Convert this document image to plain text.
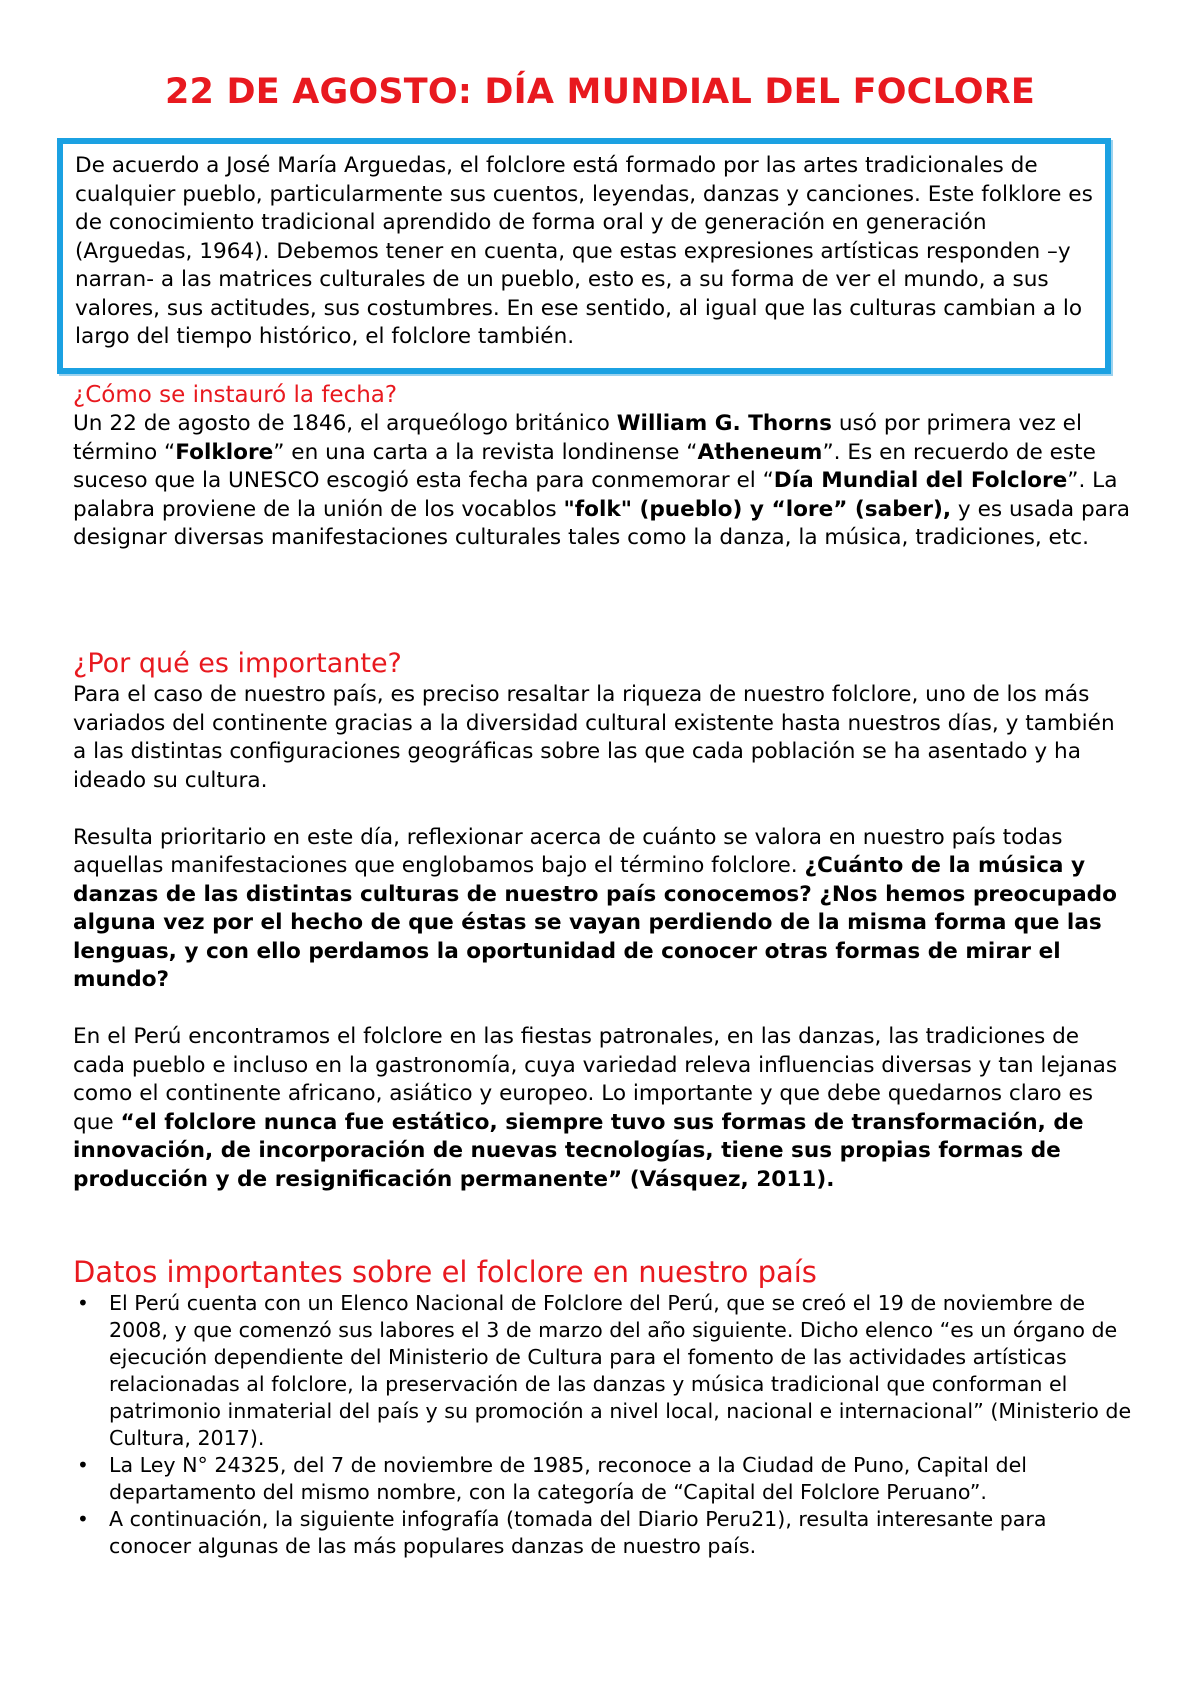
22 DE AGOSTO: DÍA MUNDIAL DEL FOCLORE

De acuerdo a José María Arguedas, el folclore está formado por las artes tradicionales de cualquier pueblo, particularmente sus cuentos, leyendas, danzas y canciones. Este folklore es de conocimiento tradicional aprendido de forma oral y de generación en generación (Arguedas, 1964). Debemos tener en cuenta, que estas expresiones artísticas responden –y narran- a las matrices culturales de un pueblo, esto es, a su forma de ver el mundo, a sus valores, sus actitudes, sus costumbres. En ese sentido, al igual que las culturas cambian a lo largo del tiempo histórico, el folclore también.

¿Cómo se instauró la fecha?

Un 22 de agosto de 1846, el arqueólogo británico William G. Thorns usó por primera vez el término “Folklore” en una carta a la revista londinense “Atheneum”. Es en recuerdo de este suceso que la UNESCO escogió esta fecha para conmemorar el “Día Mundial del Folclore”. La palabra proviene de la unión de los vocablos "folk" (pueblo) y “lore” (saber), y es usada para designar diversas manifestaciones culturales tales como la danza, la música, tradiciones, etc.

¿Por qué es importante?

Para el caso de nuestro país, es preciso resaltar la riqueza de nuestro folclore, uno de los más variados del continente gracias a la diversidad cultural existente hasta nuestros días, y también a las distintas configuraciones geográficas sobre las que cada población se ha asentado y ha ideado su cultura.

Resulta prioritario en este día, reflexionar acerca de cuánto se valora en nuestro país todas aquellas manifestaciones que englobamos bajo el término folclore. ¿Cuánto de la música y danzas de las distintas culturas de nuestro país conocemos? ¿Nos hemos preocupado alguna vez por el hecho de que éstas se vayan perdiendo de la misma forma que las lenguas, y con ello perdamos la oportunidad de conocer otras formas de mirar el mundo?

En el Perú encontramos el folclore en las fiestas patronales, en las danzas, las tradiciones de cada pueblo e incluso en la gastronomía, cuya variedad releva influencias diversas y tan lejanas como el continente africano, asiático y europeo. Lo importante y que debe quedarnos claro es que “el folclore nunca fue estático, siempre tuvo sus formas de transformación, de innovación, de incorporación de nuevas tecnologías, tiene sus propias formas de producción y de resignificación permanente” (Vásquez, 2011).

Datos importantes sobre el folclore en nuestro país
• El Perú cuenta con un Elenco Nacional de Folclore del Perú, que se creó el 19 de noviembre de 2008, y que comenzó sus labores el 3 de marzo del año siguiente. Dicho elenco “es un órgano de ejecución dependiente del Ministerio de Cultura para el fomento de las actividades artísticas relacionadas al folclore, la preservación de las danzas y música tradicional que conforman el patrimonio inmaterial del país y su promoción a nivel local, nacional e internacional” (Ministerio de Cultura, 2017).
• La Ley N° 24325, del 7 de noviembre de 1985, reconoce a la Ciudad de Puno, Capital del departamento del mismo nombre, con la categoría de “Capital del Folclore Peruano”.
• A continuación, la siguiente infografía (tomada del Diario Peru21), resulta interesante para conocer algunas de las más populares danzas de nuestro país.
